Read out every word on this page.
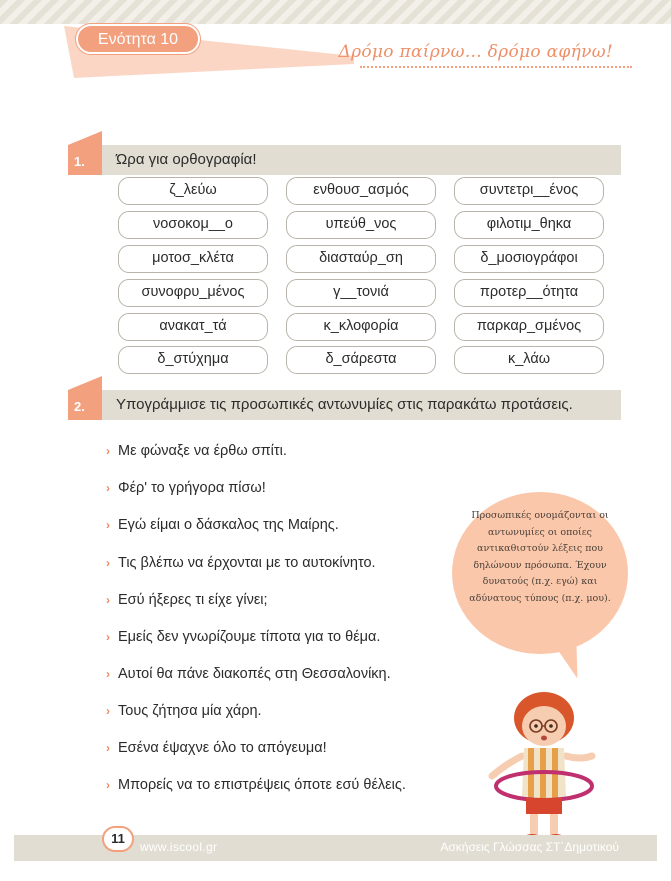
Ενότητα 10
Δρόμο παίρνω... δρόμο αφήνω!
1.	Ώρα για ορθογραφία!
ζ_λεύω	ενθουσ_ασμός	συντετρι__ένος
νοσοκομ__ο	υπεύθ_νος	φιλοτιμ_θηκα
μοτοσ_κλέτα	διασταύρ_ση	δ_μοσιογράφοι
συνοφρυ_μένος	γ__τονιά	προτερ__ότητα
ανακατ_τά	κ_κλοφορία	παρκαρ_σμένος
δ_στύχημα	δ_σάρεστα	κ_λάω
2.	Υπογράμμισε τις προσωπικές αντωνυμίες στις παρακάτω προτάσεις.
› Με φώναξε να έρθω σπίτι.
› Φέρ' το γρήγορα πίσω!
› Εγώ είμαι ο δάσκαλος της Μαίρης.
› Τις βλέπω να έρχονται με το αυτοκίνητο.
› Εσύ ήξερες τι είχε γίνει;
› Εμείς δεν γνωρίζουμε τίποτα για το θέμα.
› Αυτοί θα πάνε διακοπές στη Θεσσαλονίκη.
› Τους ζήτησα μία χάρη.
› Εσένα έψαχνε όλο το απόγευμα!
› Μπορείς να το επιστρέψεις όποτε εσύ θέλεις.
Προσωπικές ονομάζονται οι αντωνυμίες οι οποίες αντικαθιστούν λέξεις που δηλώνουν πρόσωπα. Έχουν δυνατούς (π.χ. εγώ) και αδύνατους τύπους (π.χ. μου).
11
www.iscool.gr	Ασκήσεις Γλώσσας ΣΤ΄Δημοτικού
